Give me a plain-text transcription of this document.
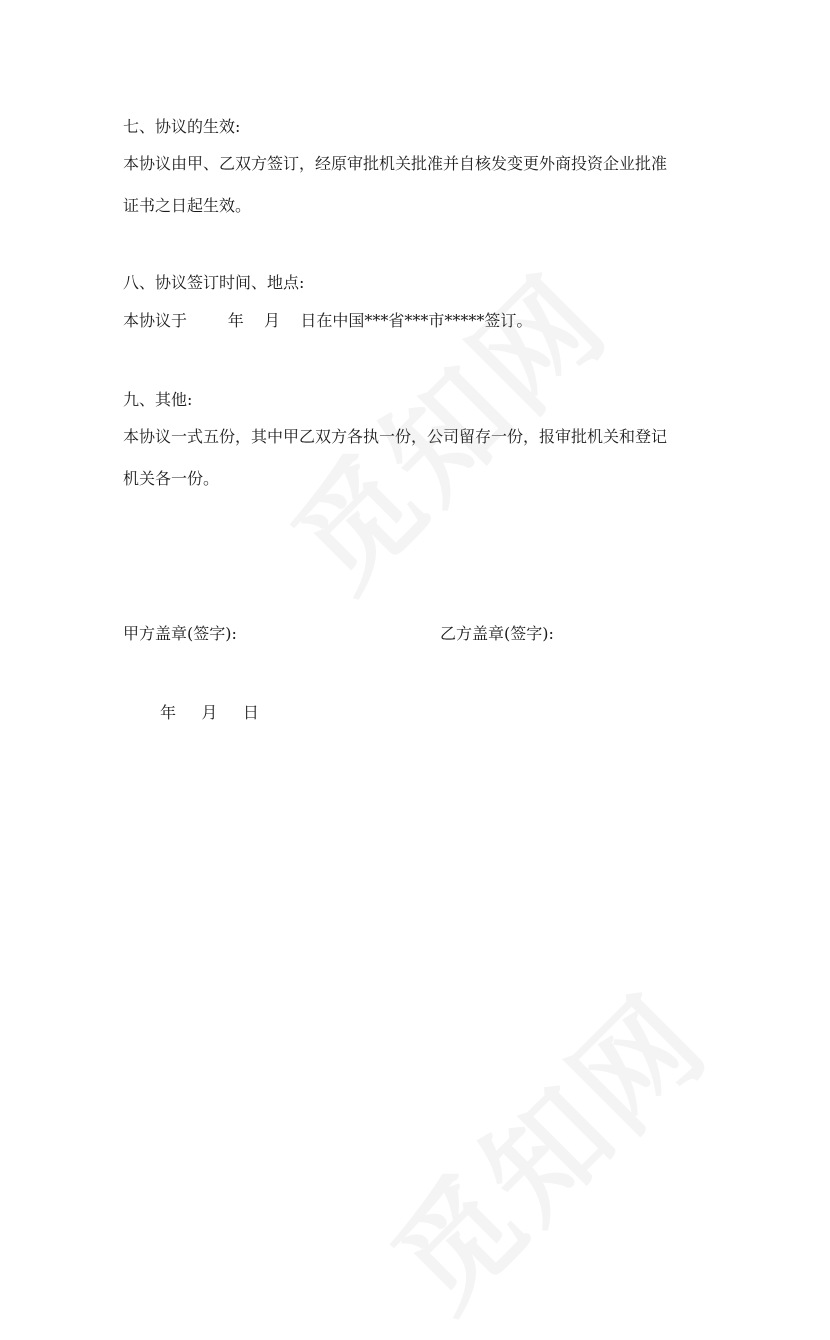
七、协议的生效:
本协议由甲、乙双方签订，经原审批机关批准并自核发变更外商投资企业批准
证书之日起生效。
八、协议签订时间、地点:
本协议于        年    月    日在中国***省***市*****签订。
九、其他:
本协议一式五份，其中甲乙双方各执一份，公司留存一份，报审批机关和登记
机关各一份。
甲方盖章(签字):	乙方盖章(签字):
年     月     日
